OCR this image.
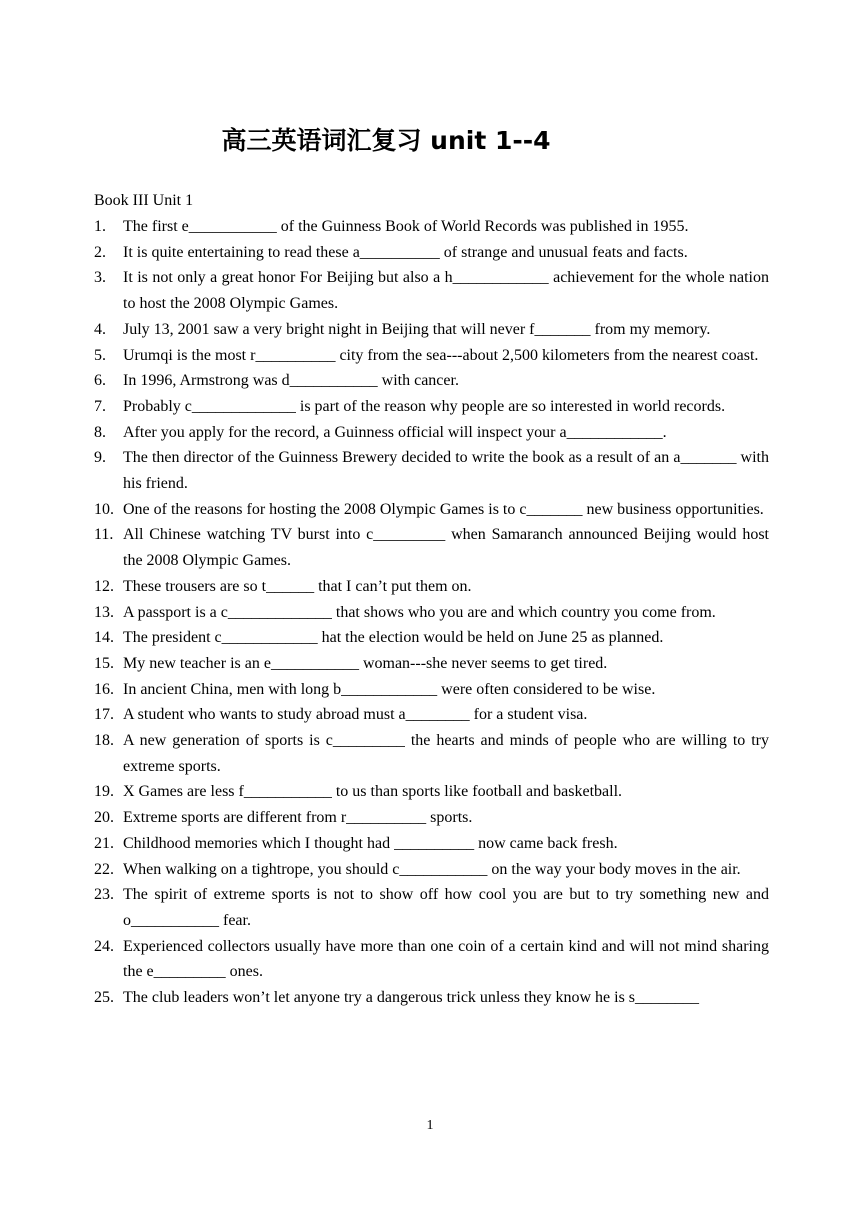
高三英语词汇复习 unit 1--4
Book III Unit 1
1. The first e___________ of the Guinness Book of World Records was published in 1955.
2. It is quite entertaining to read these a__________ of strange and unusual feats and facts.
3. It is not only a great honor For Beijing but also a h____________ achievement for the whole nation to host the 2008 Olympic Games.
4. July 13, 2001 saw a very bright night in Beijing that will never f_______ from my memory.
5. Urumqi is the most r__________ city from the sea---about 2,500 kilometers from the nearest coast.
6. In 1996, Armstrong was d___________ with cancer.
7. Probably c_____________ is part of the reason why people are so interested in world records.
8. After you apply for the record, a Guinness official will inspect your a____________.
9. The then director of the Guinness Brewery decided to write the book as a result of an a_______ with his friend.
10. One of the reasons for hosting the 2008 Olympic Games is to c_______ new business opportunities.
11. All Chinese watching TV burst into c_________ when Samaranch announced Beijing would host the 2008 Olympic Games.
12. These trousers are so t______ that I can’t put them on.
13. A passport is a c_____________ that shows who you are and which country you come from.
14. The president c____________ hat the election would be held on June 25 as planned.
15. My new teacher is an e___________ woman---she never seems to get tired.
16. In ancient China, men with long b____________ were often considered to be wise.
17. A student who wants to study abroad must a________ for a student visa.
18. A new generation of sports is c_________ the hearts and minds of people who are willing to try extreme sports.
19. X Games are less f___________ to us than sports like football and basketball.
20. Extreme sports are different from r__________ sports.
21. Childhood memories which I thought had __________ now came back fresh.
22. When walking on a tightrope, you should c___________ on the way your body moves in the air.
23. The spirit of extreme sports is not to show off how cool you are but to try something new and o___________ fear.
24. Experienced collectors usually have more than one coin of a certain kind and will not mind sharing the e_________ ones.
25. The club leaders won’t let anyone try a dangerous trick unless they know he is s________
1
